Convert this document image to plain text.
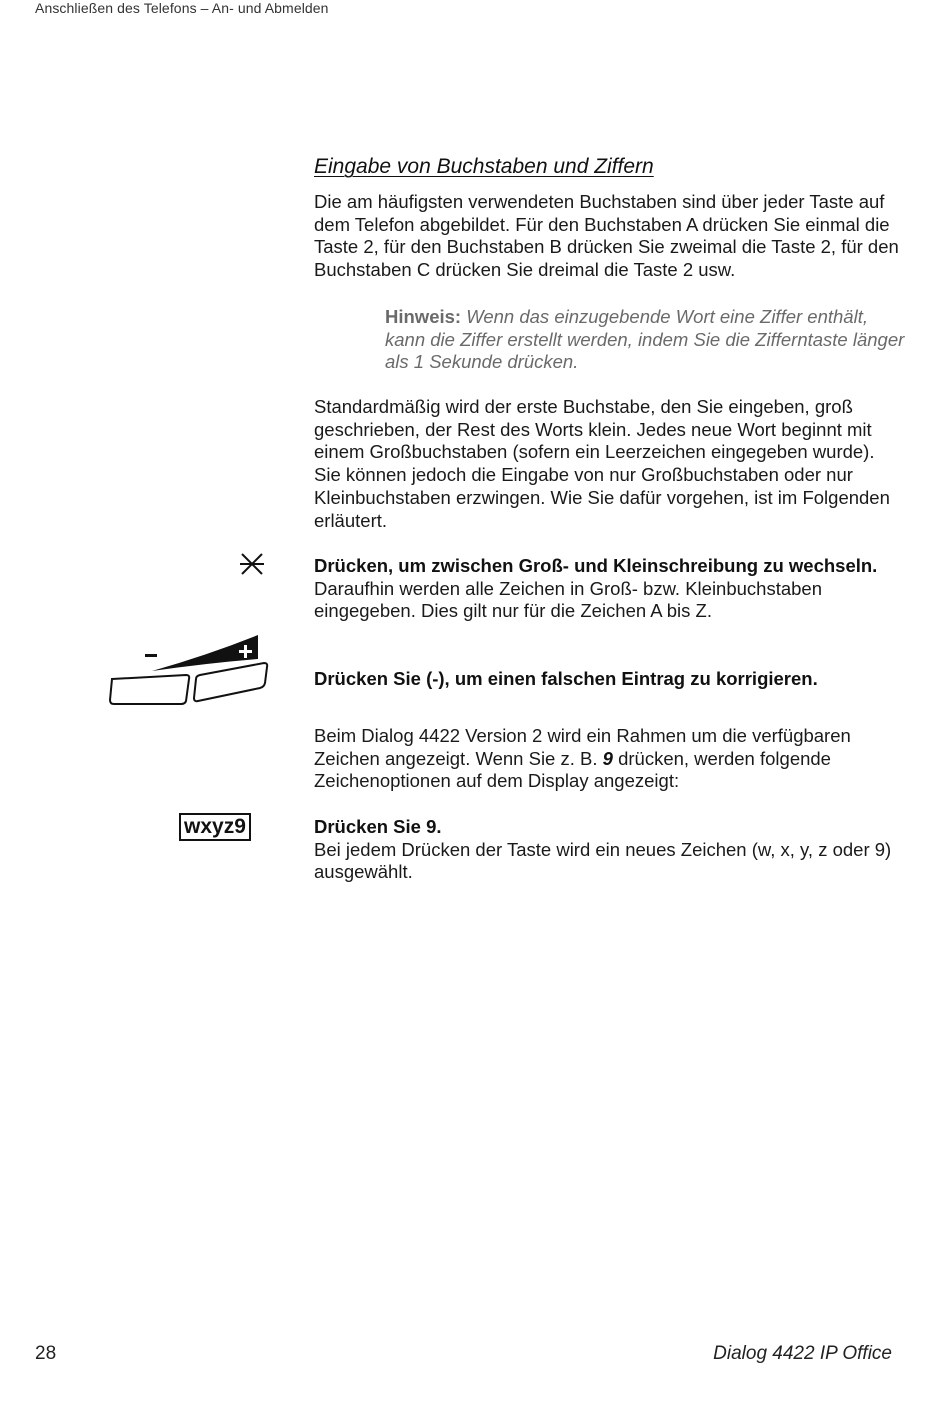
Anschließen des Telefons – An- und Abmelden
Eingabe von Buchstaben und Ziffern

Die am häufigsten verwendeten Buchstaben sind über jeder Taste auf dem Telefon abgebildet. Für den Buchstaben A drücken Sie einmal die Taste 2, für den Buchstaben B drücken Sie zweimal die Taste 2, für den Buchstaben C drücken Sie dreimal die Taste 2 usw.

Hinweis: Wenn das einzugebende Wort eine Ziffer enthält, kann die Ziffer erstellt werden, indem Sie die Zifferntaste länger als 1 Sekunde drücken.

Standardmäßig wird der erste Buchstabe, den Sie eingeben, groß geschrieben, der Rest des Worts klein. Jedes neue Wort beginnt mit einem Großbuchstaben (sofern ein Leerzeichen eingegeben wurde). Sie können jedoch die Eingabe von nur Großbuchstaben oder nur Kleinbuchstaben erzwingen. Wie Sie dafür vorgehen, ist im Folgenden erläutert.

Drücken, um zwischen Groß- und Kleinschreibung zu wechseln.

Daraufhin werden alle Zeichen in Groß- bzw. Kleinbuchstaben eingegeben. Dies gilt nur für die Zeichen A bis Z.

Drücken Sie (-), um einen falschen Eintrag zu korrigieren.

Beim Dialog 4422 Version 2 wird ein Rahmen um die verfügbaren Zeichen angezeigt. Wenn Sie z. B. 9 drücken, werden folgende Zeichenoptionen auf dem Display angezeigt:

wxyz9	Drücken Sie 9.

Bei jedem Drücken der Taste wird ein neues Zeichen (w, x, y, z oder 9) ausgewählt.

28	Dialog 4422 IP Office
